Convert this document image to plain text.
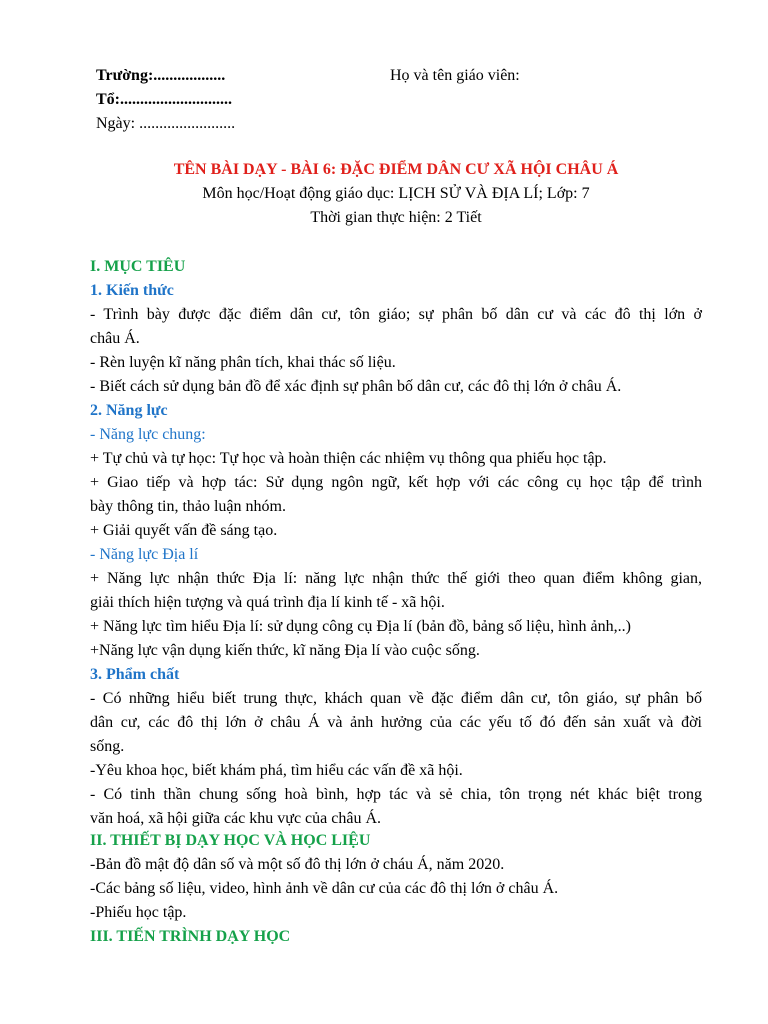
Trường:..................
Tổ:............................
Ngày: ........................
Họ và tên giáo viên:
TÊN BÀI DẠY - BÀI 6: ĐẶC ĐIỂM DÂN CƯ XÃ HỘI CHÂU Á
Môn học/Hoạt động giáo dục: LỊCH SỬ VÀ ĐỊA LÍ; Lớp: 7
Thời gian thực hiện: 2 Tiết
I. MỤC TIÊU
1. Kiến thức
- Trình bày được đặc điểm dân cư, tôn giáo; sự phân bố dân cư và các đô thị lớn ở
châu Á.
- Rèn luyện kĩ năng phân tích, khai thác số liệu.
- Biết cách sử dụng bản đồ để xác định sự phân bố dân cư, các đô thị lớn ở châu Á.
2. Năng lực
- Năng lực chung:
+ Tự chủ và tự học: Tự học và hoàn thiện các nhiệm vụ thông qua phiếu học tập.
+ Giao tiếp và hợp tác: Sử dụng ngôn ngữ, kết hợp với các công cụ học tập để trình
bày thông tin, thảo luận nhóm.
+ Giải quyết vấn đề sáng tạo.
- Năng lực Địa lí
+ Năng lực nhận thức Địa lí: năng lực nhận thức thế giới theo quan điểm không gian,
giải thích hiện tượng và quá trình địa lí kinh tế - xã hội.
+ Năng lực tìm hiểu Địa lí: sử dụng công cụ Địa lí (bản đồ, bảng số liệu, hình ảnh,..)
+Năng lực vận dụng kiến thức, kĩ năng Địa lí vào cuộc sống.
3. Phẩm chất
- Có những hiểu biết trung thực, khách quan về đặc điểm dân cư, tôn giáo, sự phân bố
dân cư, các đô thị lớn ở châu Á và ảnh hưởng của các yếu tố đó đến sản xuất và đời
sống.
-Yêu khoa học, biết khám phá, tìm hiểu các vấn đề xã hội.
- Có tinh thần chung sống hoà bình, hợp tác và sẻ chia, tôn trọng nét khác biệt trong
văn hoá, xã hội giữa các khu vực của châu Á.
II. THIẾT BỊ DẠY HỌC VÀ HỌC LIỆU
-Bản đồ mật độ dân số và một số đô thị lớn ở cháu Á, năm 2020.
-Các bảng số liệu, video, hình ảnh về dân cư của các đô thị lớn ở châu Á.
-Phiếu học tập.
III. TIẾN TRÌNH DẠY HỌC
